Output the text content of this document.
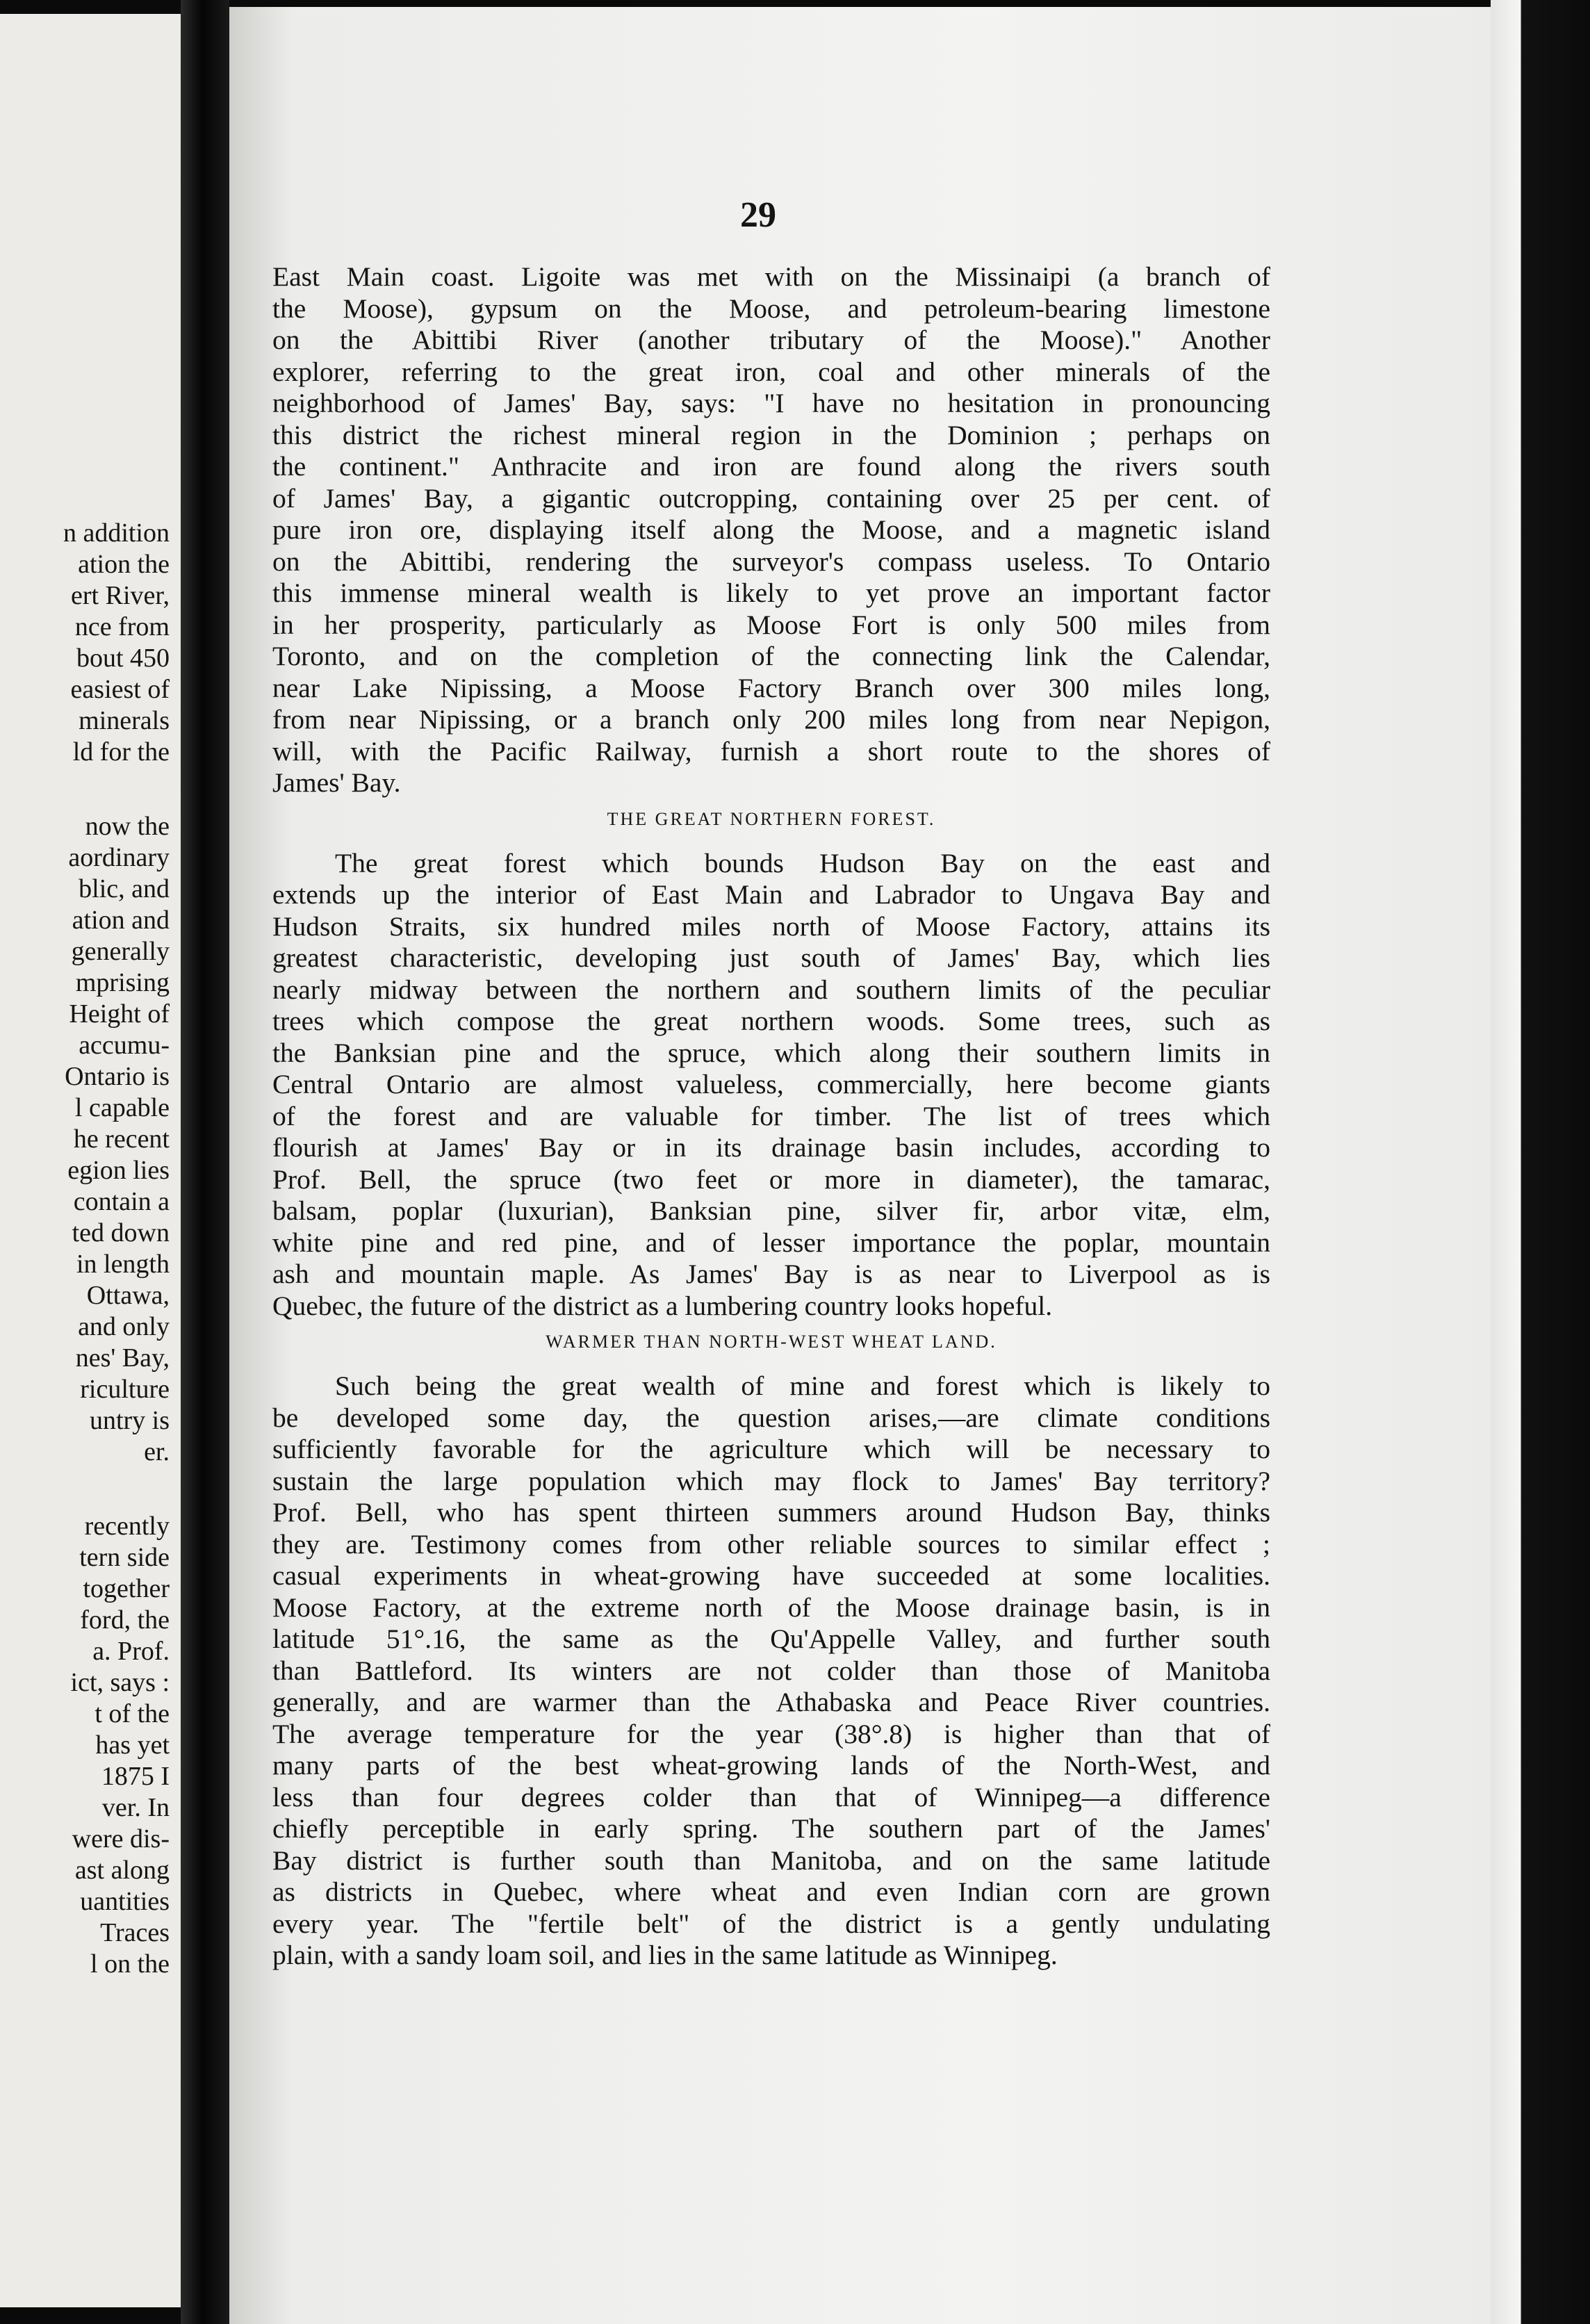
n addition
ation the
ert River,
nce from
bout 450
easiest of
minerals
ld for the
now the
aordinary
blic, and
ation and
generally
mprising
Height of
accumu-
Ontario is
l capable
he recent
egion lies
contain a
ted down
in length
Ottawa,
and only
nes' Bay,
riculture
untry is
er.
recently
tern side
together
ford, the
a. Prof.
ict, says :
t of the
has yet
1875 I
ver. In
were dis-
ast along
uantities
Traces
l on the
29
East Main coast. Ligoite was met with on the Missinaipi (a branch of
the Moose), gypsum on the Moose, and petroleum-bearing limestone
on the Abittibi River (another tributary of the Moose)." Another
explorer, referring to the great iron, coal and other minerals of the
neighborhood of James' Bay, says: "I have no hesitation in pronouncing
this district the richest mineral region in the Dominion ; perhaps on
the continent." Anthracite and iron are found along the rivers south
of James' Bay, a gigantic outcropping, containing over 25 per cent. of
pure iron ore, displaying itself along the Moose, and a magnetic island
on the Abittibi, rendering the surveyor's compass useless. To Ontario
this immense mineral wealth is likely to yet prove an important factor
in her prosperity, particularly as Moose Fort is only 500 miles from
Toronto, and on the completion of the connecting link the Calendar,
near Lake Nipissing, a Moose Factory Branch over 300 miles long,
from near Nipissing, or a branch only 200 miles long from near Nepigon,
will, with the Pacific Railway, furnish a short route to the shores of
James' Bay.
THE GREAT NORTHERN FOREST.
The great forest which bounds Hudson Bay on the east and
extends up the interior of East Main and Labrador to Ungava Bay and
Hudson Straits, six hundred miles north of Moose Factory, attains its
greatest characteristic, developing just south of James' Bay, which lies
nearly midway between the northern and southern limits of the peculiar
trees which compose the great northern woods. Some trees, such as
the Banksian pine and the spruce, which along their southern limits in
Central Ontario are almost valueless, commercially, here become giants
of the forest and are valuable for timber. The list of trees which
flourish at James' Bay or in its drainage basin includes, according to
Prof. Bell, the spruce (two feet or more in diameter), the tamarac,
balsam, poplar (luxurian), Banksian pine, silver fir, arbor vitæ, elm,
white pine and red pine, and of lesser importance the poplar, mountain
ash and mountain maple. As James' Bay is as near to Liverpool as is
Quebec, the future of the district as a lumbering country looks hopeful.
WARMER THAN NORTH-WEST WHEAT LAND.
Such being the great wealth of mine and forest which is likely to
be developed some day, the question arises,—are climate conditions
sufficiently favorable for the agriculture which will be necessary to
sustain the large population which may flock to James' Bay territory?
Prof. Bell, who has spent thirteen summers around Hudson Bay, thinks
they are. Testimony comes from other reliable sources to similar effect ;
casual experiments in wheat-growing have succeeded at some localities.
Moose Factory, at the extreme north of the Moose drainage basin, is in
latitude 51°.16, the same as the Qu'Appelle Valley, and further south
than Battleford. Its winters are not colder than those of Manitoba
generally, and are warmer than the Athabaska and Peace River countries.
The average temperature for the year (38°.8) is higher than that of
many parts of the best wheat-growing lands of the North-West, and
less than four degrees colder than that of Winnipeg—a difference
chiefly perceptible in early spring. The southern part of the James'
Bay district is further south than Manitoba, and on the same latitude
as districts in Quebec, where wheat and even Indian corn are grown
every year. The "fertile belt" of the district is a gently undulating
plain, with a sandy loam soil, and lies in the same latitude as Winnipeg.
